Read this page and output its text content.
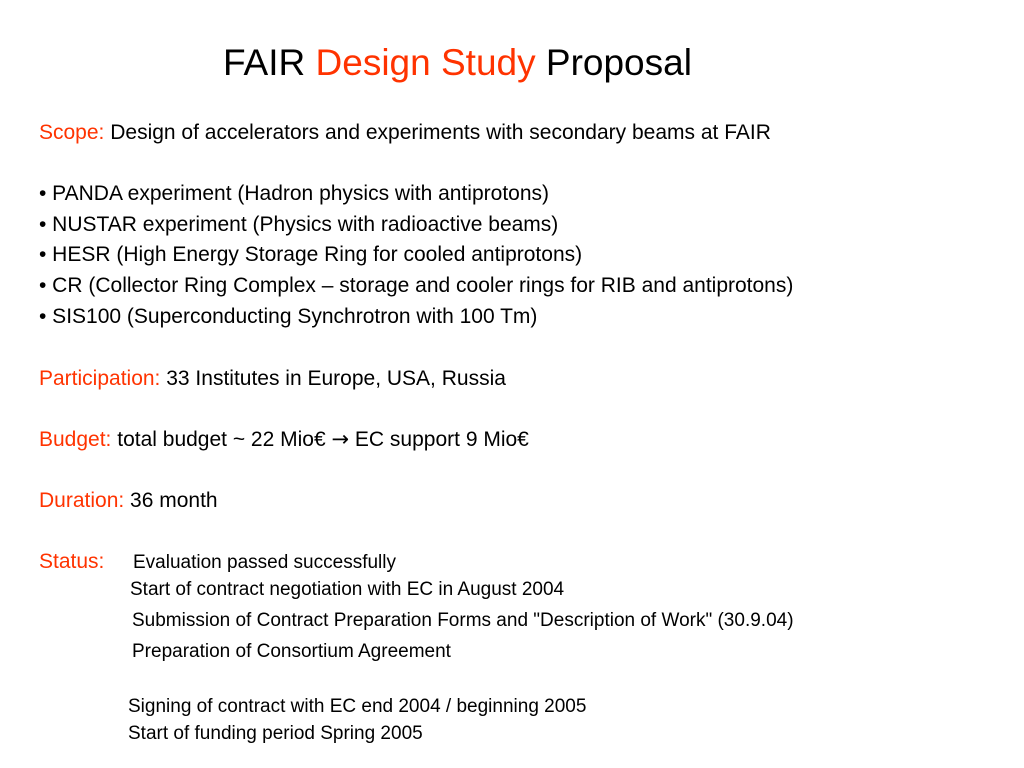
FAIR Design Study Proposal
Scope: Design of accelerators and experiments with secondary beams at FAIR
• PANDA experiment (Hadron physics with antiprotons)
• NUSTAR experiment (Physics with radioactive beams)
• HESR (High Energy Storage Ring for cooled antiprotons)
• CR (Collector Ring Complex – storage and cooler rings for RIB and antiprotons)
• SIS100 (Superconducting Synchrotron with 100 Tm)
Participation: 33 Institutes in Europe, USA, Russia
Budget: total budget ~ 22 Mio€ → EC support 9 Mio€
Duration: 36 month
Status: Evaluation passed successfully
Start of contract negotiation with EC in August 2004
Submission of Contract Preparation Forms and "Description of Work" (30.9.04)
Preparation of Consortium Agreement
Signing of contract with EC end 2004 / beginning 2005
Start of funding period Spring 2005
